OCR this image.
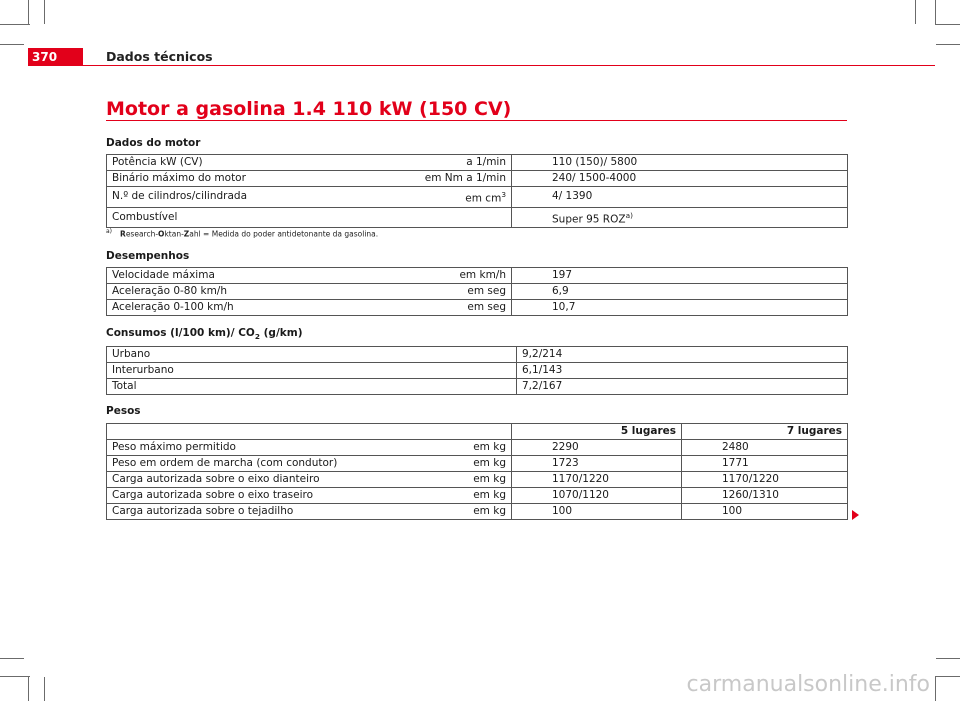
370	Dados técnicos
Motor a gasolina 1.4 110 kW (150 CV)
Dados do motor
Potência kW (CV)	a 1/min	110 (150)/ 5800
Binário máximo do motor	em Nm a 1/min	240/ 1500-4000
N.º de cilindros/cilindrada	em $cm^3$	4/ 1390
Combustível		Super 95 ROZ$^{a)}$
$^{a)}$ Research-Oktan-Zahl = Medida do poder antidetonante da gasolina.
Desempenhos
Velocidade máxima	em km/h	197
Aceleração 0-80 km/h	em seg	6,9
Aceleração 0-100 km/h	em seg	10,7
Consumos (l/100 km)/ $CO_2$ (g/km)
Urbano	9,2/214
Interurbano	6,1/143
Total	7,2/167
Pesos
		5 lugares	7 lugares
Peso máximo permitido	em kg	2290	2480
Peso em ordem de marcha (com condutor)	em kg	1723	1771
Carga autorizada sobre o eixo dianteiro	em kg	1170/1220	1170/1220
Carga autorizada sobre o eixo traseiro	em kg	1070/1120	1260/1310
Carga autorizada sobre o tejadilho	em kg	100	100
carmanualsonline.info
